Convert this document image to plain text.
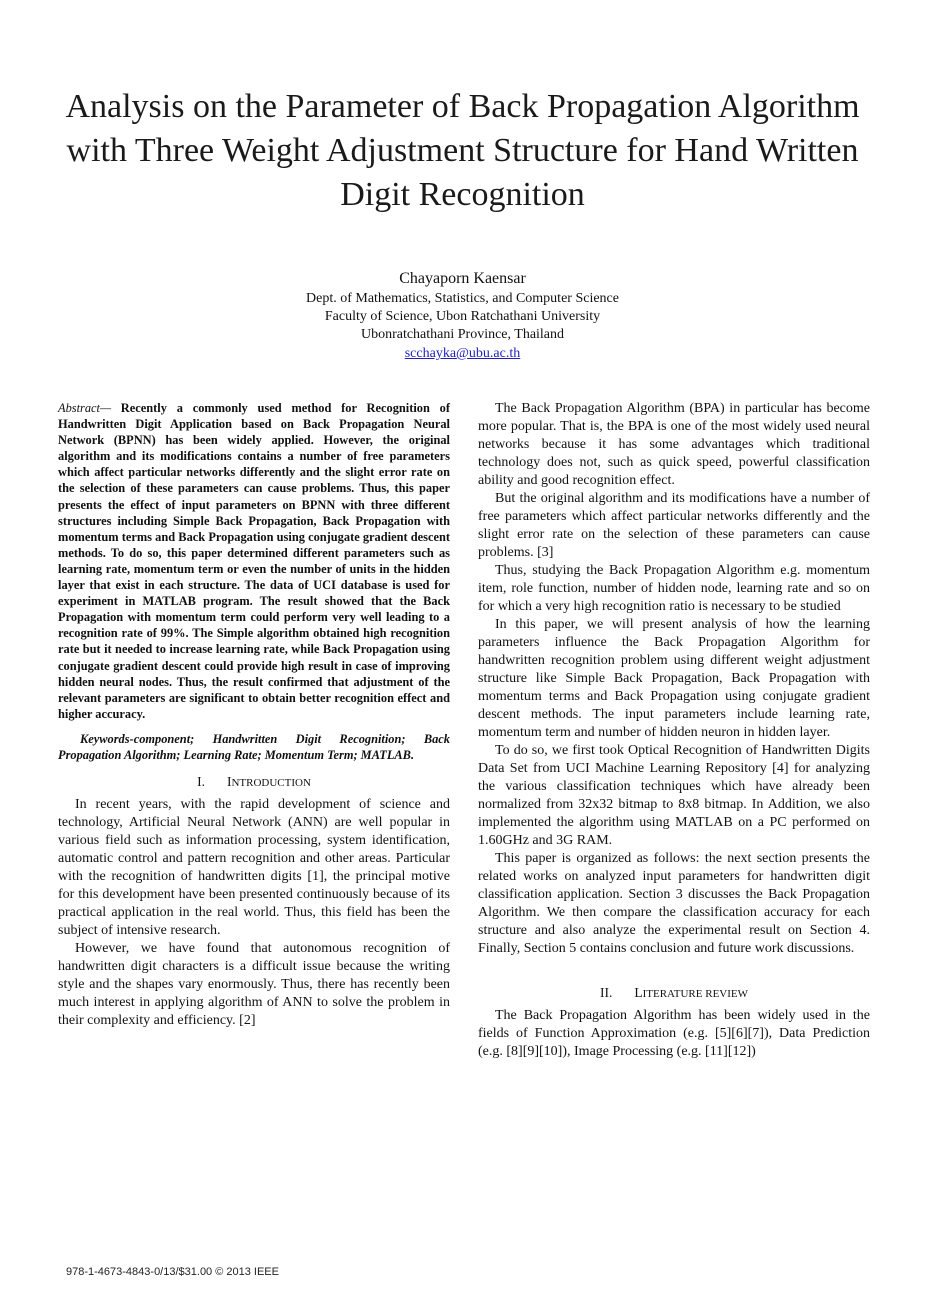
Analysis on the Parameter of Back Propagation Algorithm with Three Weight Adjustment Structure for Hand Written Digit Recognition
Chayaporn Kaensar
Dept. of Mathematics, Statistics, and Computer Science
Faculty of Science, Ubon Ratchathani University
Ubonratchathani Province, Thailand
scchayka@ubu.ac.th

Abstract— Recently a commonly used method for Recognition of Handwritten Digit Application based on Back Propagation Neural Network (BPNN) has been widely applied. However, the original algorithm and its modifications contains a number of free parameters which affect particular networks differently and the slight error rate on the selection of these parameters can cause problems. Thus, this paper presents the effect of input parameters on BPNN with three different structures including Simple Back Propagation, Back Propagation with momentum terms and Back Propagation using conjugate gradient descent methods. To do so, this paper determined different parameters such as learning rate, momentum term or even the number of units in the hidden layer that exist in each structure. The data of UCI database is used for experiment in MATLAB program. The result showed that the Back Propagation with momentum term could perform very well leading to a recognition rate of 99%. The Simple algorithm obtained high recognition rate but it needed to increase learning rate, while Back Propagation using conjugate gradient descent could provide high result in case of improving hidden neural nodes. Thus, the result confirmed that adjustment of the relevant parameters are significant to obtain better recognition effect and higher accuracy.

Keywords-component; Handwritten Digit Recognition; Back Propagation Algorithm; Learning Rate; Momentum Term; MATLAB.

I. INTRODUCTION

In recent years, with the rapid development of science and technology, Artificial Neural Network (ANN) are well popular in various field such as information processing, system identification, automatic control and pattern recognition and other areas. Particular with the recognition of handwritten digits [1], the principal motive for this development have been presented continuously because of its practical application in the real world. Thus, this field has been the subject of intensive research.

However, we have found that autonomous recognition of handwritten digit characters is a difficult issue because the writing style and the shapes vary enormously. Thus, there has recently been much interest in applying algorithm of ANN to solve the problem in their complexity and efficiency. [2]

The Back Propagation Algorithm (BPA) in particular has become more popular. That is, the BPA is one of the most widely used neural networks because it has some advantages which traditional technology does not, such as quick speed, powerful classification ability and good recognition effect.

But the original algorithm and its modifications have a number of free parameters which affect particular networks differently and the slight error rate on the selection of these parameters can cause problems. [3]

Thus, studying the Back Propagation Algorithm e.g. momentum item, role function, number of hidden node, learning rate and so on for which a very high recognition ratio is necessary to be studied

In this paper, we will present analysis of how the learning parameters influence the Back Propagation Algorithm for handwritten recognition problem using different weight adjustment structure like Simple Back Propagation, Back Propagation with momentum terms and Back Propagation using conjugate gradient descent methods. The input parameters include learning rate, momentum term and number of hidden neuron in hidden layer.

To do so, we first took Optical Recognition of Handwritten Digits Data Set from UCI Machine Learning Repository [4] for analyzing the various classification techniques which have already been normalized from 32x32 bitmap to 8x8 bitmap. In Addition, we also implemented the algorithm using MATLAB on a PC performed on 1.60GHz and 3G RAM.

This paper is organized as follows: the next section presents the related works on analyzed input parameters for handwritten digit classification application. Section 3 discusses the Back Propagation Algorithm. We then compare the classification accuracy for each structure and also analyze the experimental result on Section 4. Finally, Section 5 contains conclusion and future work discussions.

II. LITERATURE REVIEW

The Back Propagation Algorithm has been widely used in the fields of Function Approximation (e.g. [5][6][7]), Data Prediction (e.g. [8][9][10]), Image Processing (e.g. [11][12])

978-1-4673-4843-0/13/$31.00 © 2013 IEEE
